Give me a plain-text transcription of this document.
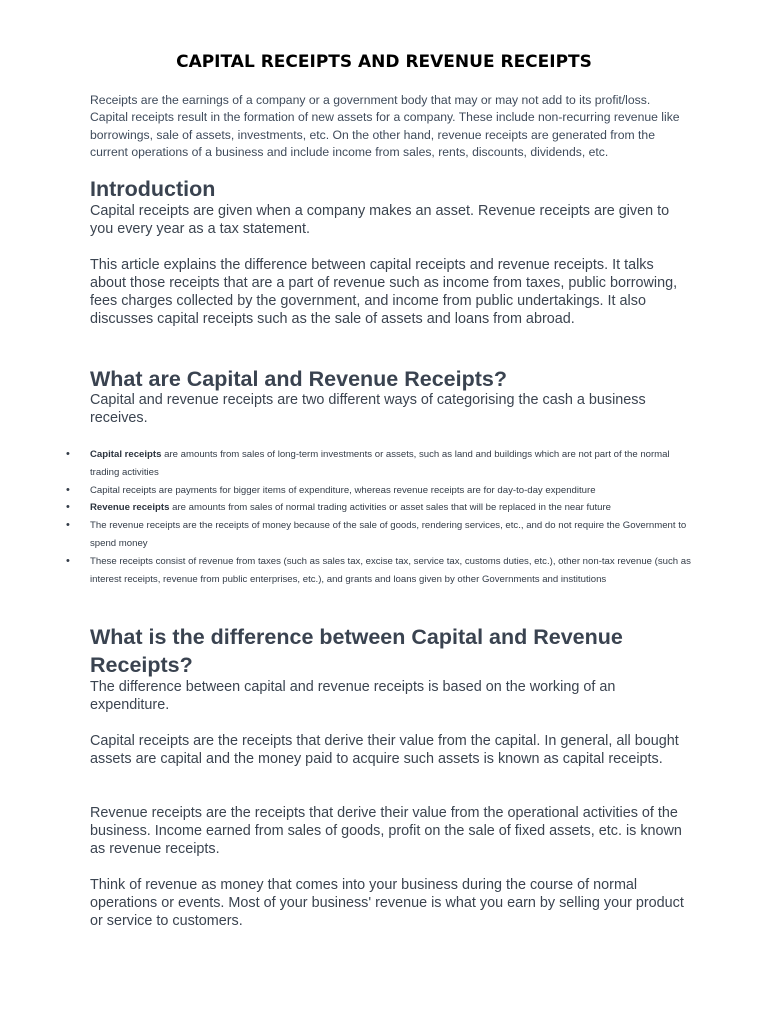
CAPITAL RECEIPTS AND REVENUE RECEIPTS
Receipts are the earnings of a company or a government body that may or may not add to its profit/loss. Capital receipts result in the formation of new assets for a company. These include non-recurring revenue like borrowings, sale of assets, investments, etc. On the other hand, revenue receipts are generated from the current operations of a business and include income from sales, rents, discounts, dividends, etc.
Introduction

Capital receipts are given when a company makes an asset. Revenue receipts are given to you every year as a tax statement.

This article explains the difference between capital receipts and revenue receipts. It talks about those receipts that are a part of revenue such as income from taxes, public borrowing, fees charges collected by the government, and income from public undertakings. It also discusses capital receipts such as the sale of assets and loans from abroad.

What are Capital and Revenue Receipts?

Capital and revenue receipts are two different ways of categorising the cash a business receives.

• Capital receipts are amounts from sales of long-term investments or assets, such as land and buildings which are not part of the normal trading activities
• Capital receipts are payments for bigger items of expenditure, whereas revenue receipts are for day-to-day expenditure
• Revenue receipts are amounts from sales of normal trading activities or asset sales that will be replaced in the near future
• The revenue receipts are the receipts of money because of the sale of goods, rendering services, etc., and do not require the Government to spend money
• These receipts consist of revenue from taxes (such as sales tax, excise tax, service tax, customs duties, etc.), other non-tax revenue (such as interest receipts, revenue from public enterprises, etc.), and grants and loans given by other Governments and institutions
What is the difference between Capital and Revenue Receipts?

The difference between capital and revenue receipts is based on the working of an expenditure.

Capital receipts are the receipts that derive their value from the capital. In general, all bought assets are capital and the money paid to acquire such assets is known as capital receipts.

Revenue receipts are the receipts that derive their value from the operational activities of the business. Income earned from sales of goods, profit on the sale of fixed assets, etc. is known as revenue receipts.

Think of revenue as money that comes into your business during the course of normal operations or events. Most of your business' revenue is what you earn by selling your product or service to customers.
